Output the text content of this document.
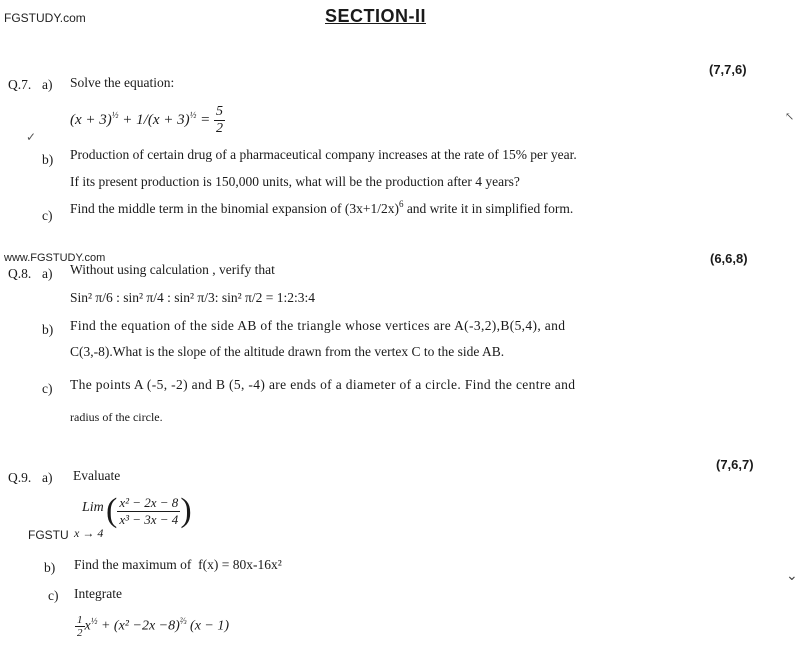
FGSTUDY.com
www.FGSTUDY.com
FGSTU
SECTION-II
Q.7. a) Solve the equation:
(7,7,6)
$(x + 3)^{\frac{1}{2}} + 1/(x + 3)^{\frac{1}{2}} = \frac{5}{2}$
✓
b) Production of certain drug of a pharmaceutical company increases at the rate of 15% per year.
If its present production is 150,000 units, what will be the production after 4 years?
c) Find the middle term in the binomial expansion of $(3x+1/2x)^6$ and write it in simplified form.
Q.8. a) Without using calculation , verify that
(6,6,8)
Sin² π/6 : sin² π/4 : sin² π/3: sin² π/2 = 1:2:3:4
b) Find the equation of the side AB of the triangle whose vertices are A(-3,2),B(5,4), and
C(3,-8).What is the slope of the altitude drawn from the vertex C to the side AB.
c) The points A (-5, -2) and B (5, -4) are ends of a diameter of a circle. Find the centre and
radius of the circle.
Q.9. a) Evaluate
(7,6,7)
Lim
x → 4
( $\frac{\text{x² − 2x − 8}}{\text{x³ − 3x − 4}}$ )
b) Find the maximum of  f(x) = 80x-16x²
c) Integrate
$\frac{1}{2} x^{\frac{1}{2}} + (x^2 -2x -8)^{\frac{2}{3}}$ (x − 1)
⌄
↖
